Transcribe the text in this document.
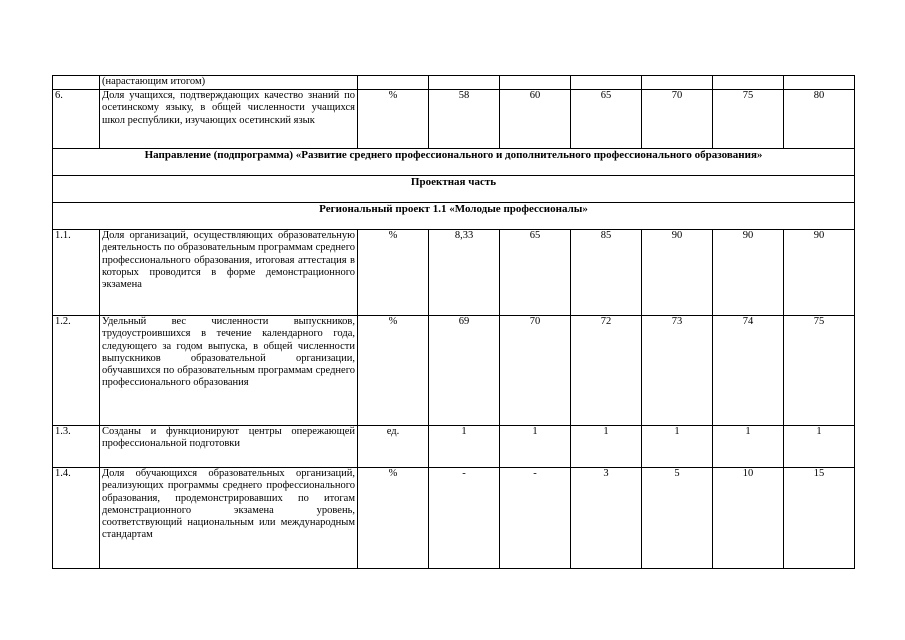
	(нарастающим итогом)							
6.	Доля учащихся, подтверждающих качество знаний по осетинскому языку, в общей численности учащихся школ республики, изучающих осетинский язык	%	58	60	65	70	75	80
Направление (подпрограмма) «Развитие среднего профессионального и дополнительного профессионального образования»								
Проектная часть								
Региональный проект 1.1 «Молодые профессионалы»								
1.1.	Доля организаций, осуществляющих образовательную деятельность по образовательным программам среднего профессионального образования, итоговая аттестация в которых проводится в форме демонстрационного экзамена	%	8,33	65	85	90	90	90
1.2.	Удельный вес численности выпускников, трудоустроившихся в течение календарного года, следующего за годом выпуска, в общей численности выпускников образовательной организации, обучавшихся по образовательным программам среднего профессионального образования	%	69	70	72	73	74	75
1.3.	Созданы и функционируют центры опережающей профессиональной подготовки	ед.	1	1	1	1	1	1
1.4.	Доля обучающихся образовательных организаций, реализующих программы среднего профессионального образования, продемонстрировавших по итогам демонстрационного экзамена уровень, соответствующий национальным или международным стандартам	%	-	-	3	5	10	15
